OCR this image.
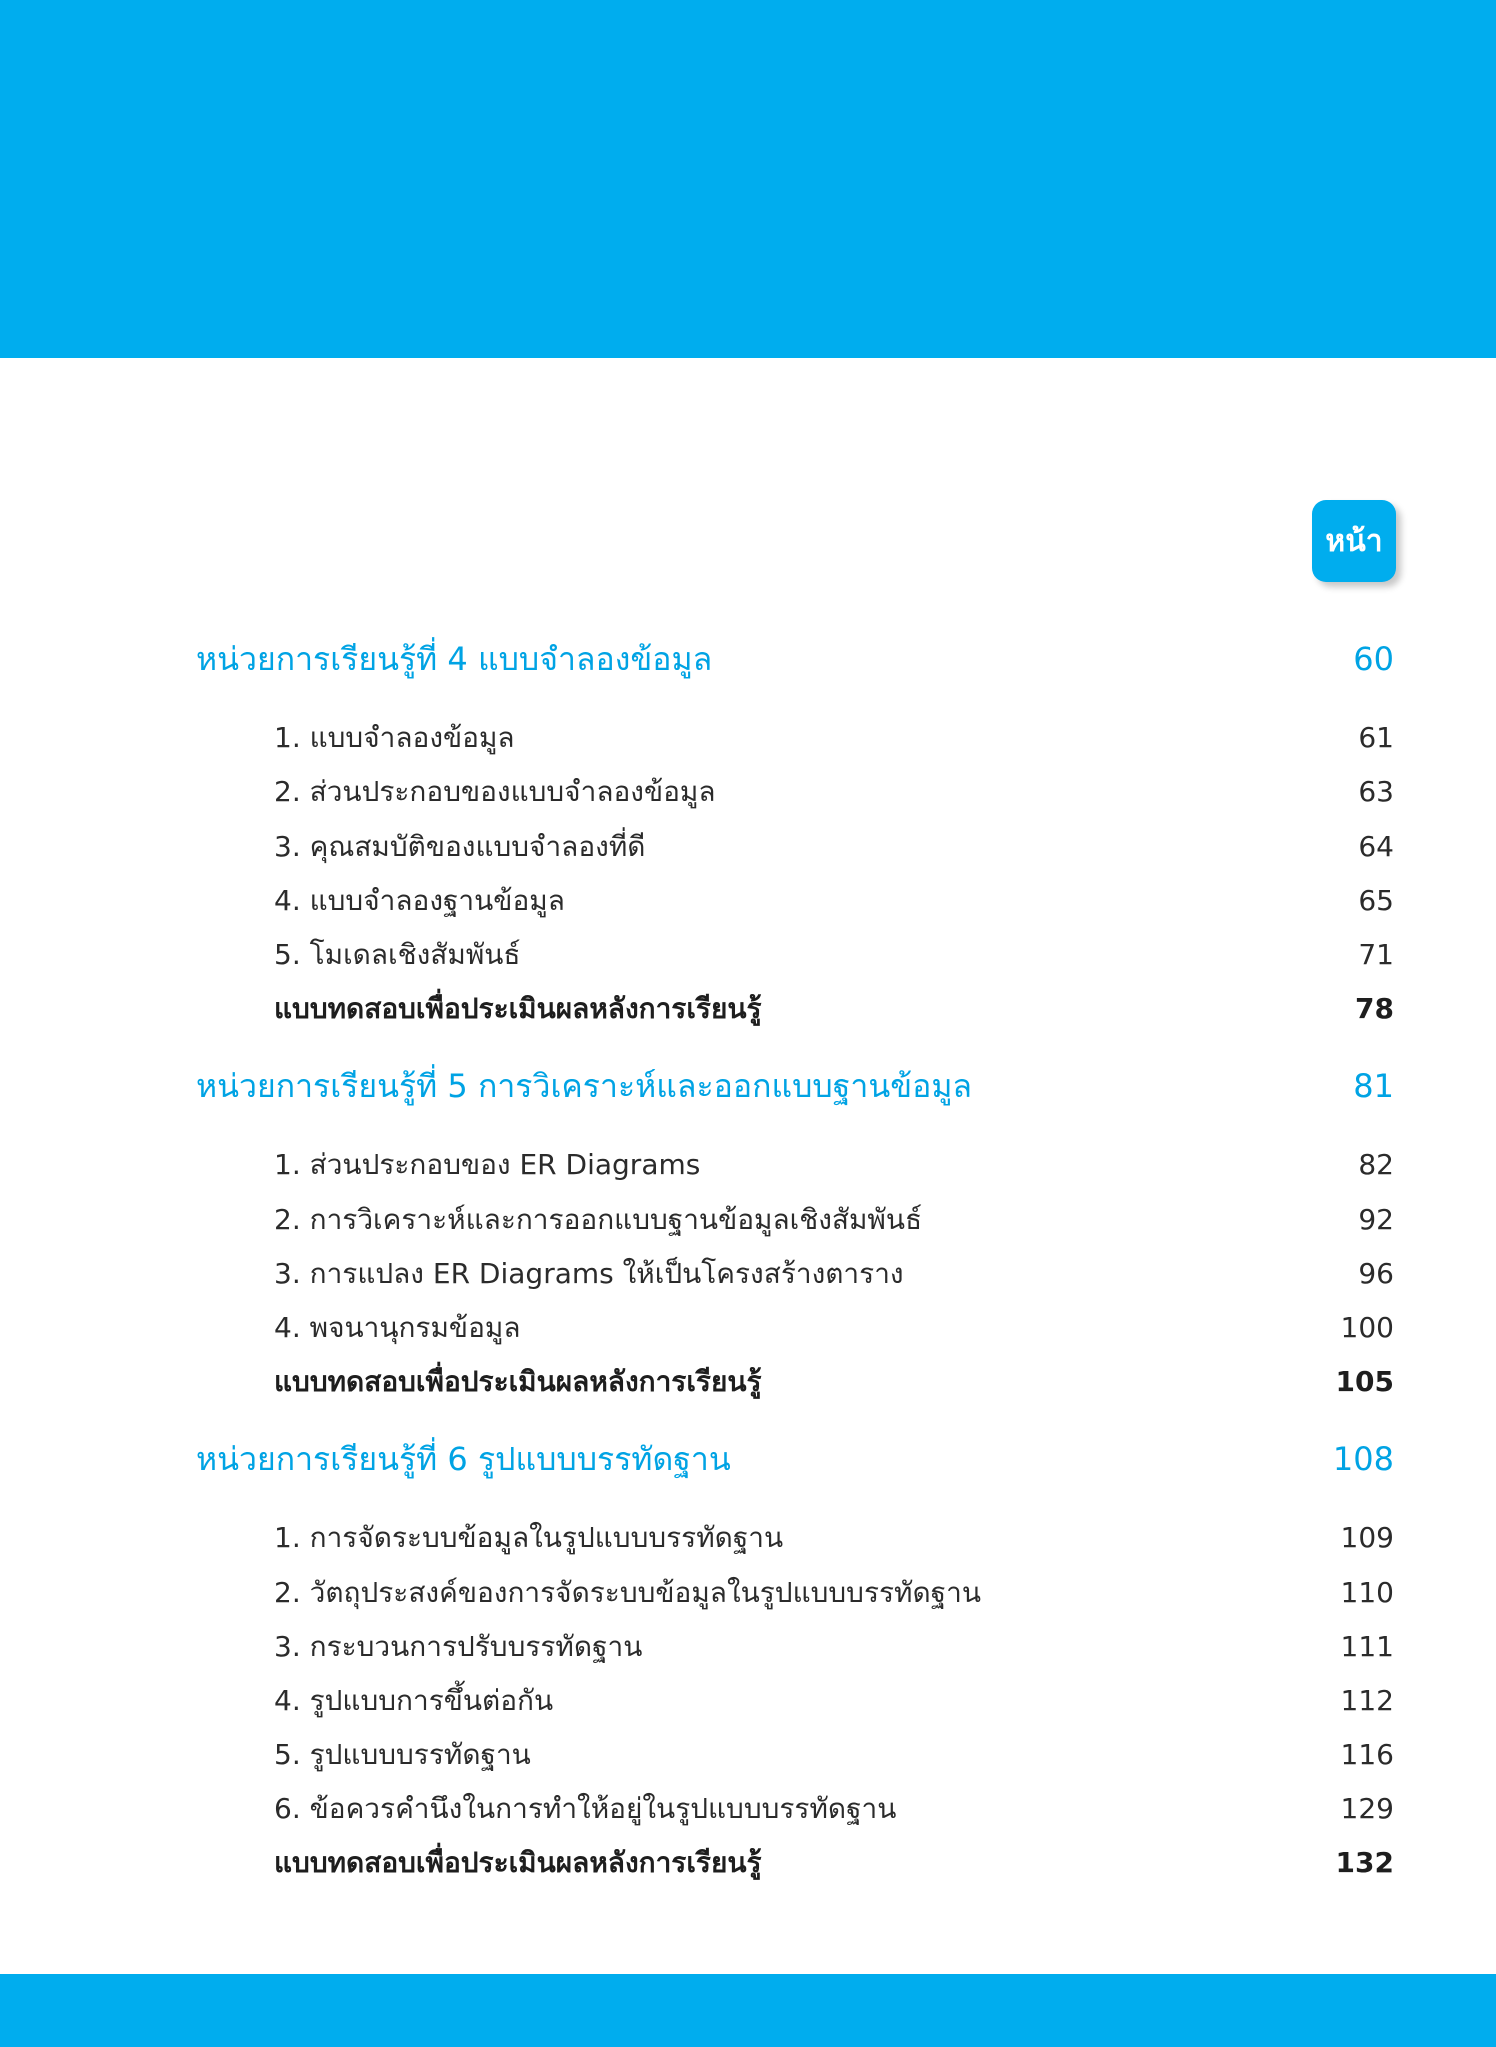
หน้า
หน่วยการเรียนรู้ที่ 4 แบบจำลองข้อมูล	60
1. แบบจำลองข้อมูล	61
2. ส่วนประกอบของแบบจำลองข้อมูล	63
3. คุณสมบัติของแบบจำลองที่ดี	64
4. แบบจำลองฐานข้อมูล	65
5. โมเดลเชิงสัมพันธ์	71
แบบทดสอบเพื่อประเมินผลหลังการเรียนรู้	78
หน่วยการเรียนรู้ที่ 5 การวิเคราะห์และออกแบบฐานข้อมูล	81
1. ส่วนประกอบของ ER Diagrams	82
2. การวิเคราะห์และการออกแบบฐานข้อมูลเชิงสัมพันธ์	92
3. การแปลง ER Diagrams ให้เป็นโครงสร้างตาราง	96
4. พจนานุกรมข้อมูล	100
แบบทดสอบเพื่อประเมินผลหลังการเรียนรู้	105
หน่วยการเรียนรู้ที่ 6 รูปแบบบรรทัดฐาน	108
1. การจัดระบบข้อมูลในรูปแบบบรรทัดฐาน	109
2. วัตถุประสงค์ของการจัดระบบข้อมูลในรูปแบบบรรทัดฐาน	110
3. กระบวนการปรับบรรทัดฐาน	111
4. รูปแบบการขึ้นต่อกัน	112
5. รูปแบบบรรทัดฐาน	116
6. ข้อควรคำนึงในการทำให้อยู่ในรูปแบบบรรทัดฐาน	129
แบบทดสอบเพื่อประเมินผลหลังการเรียนรู้	132
